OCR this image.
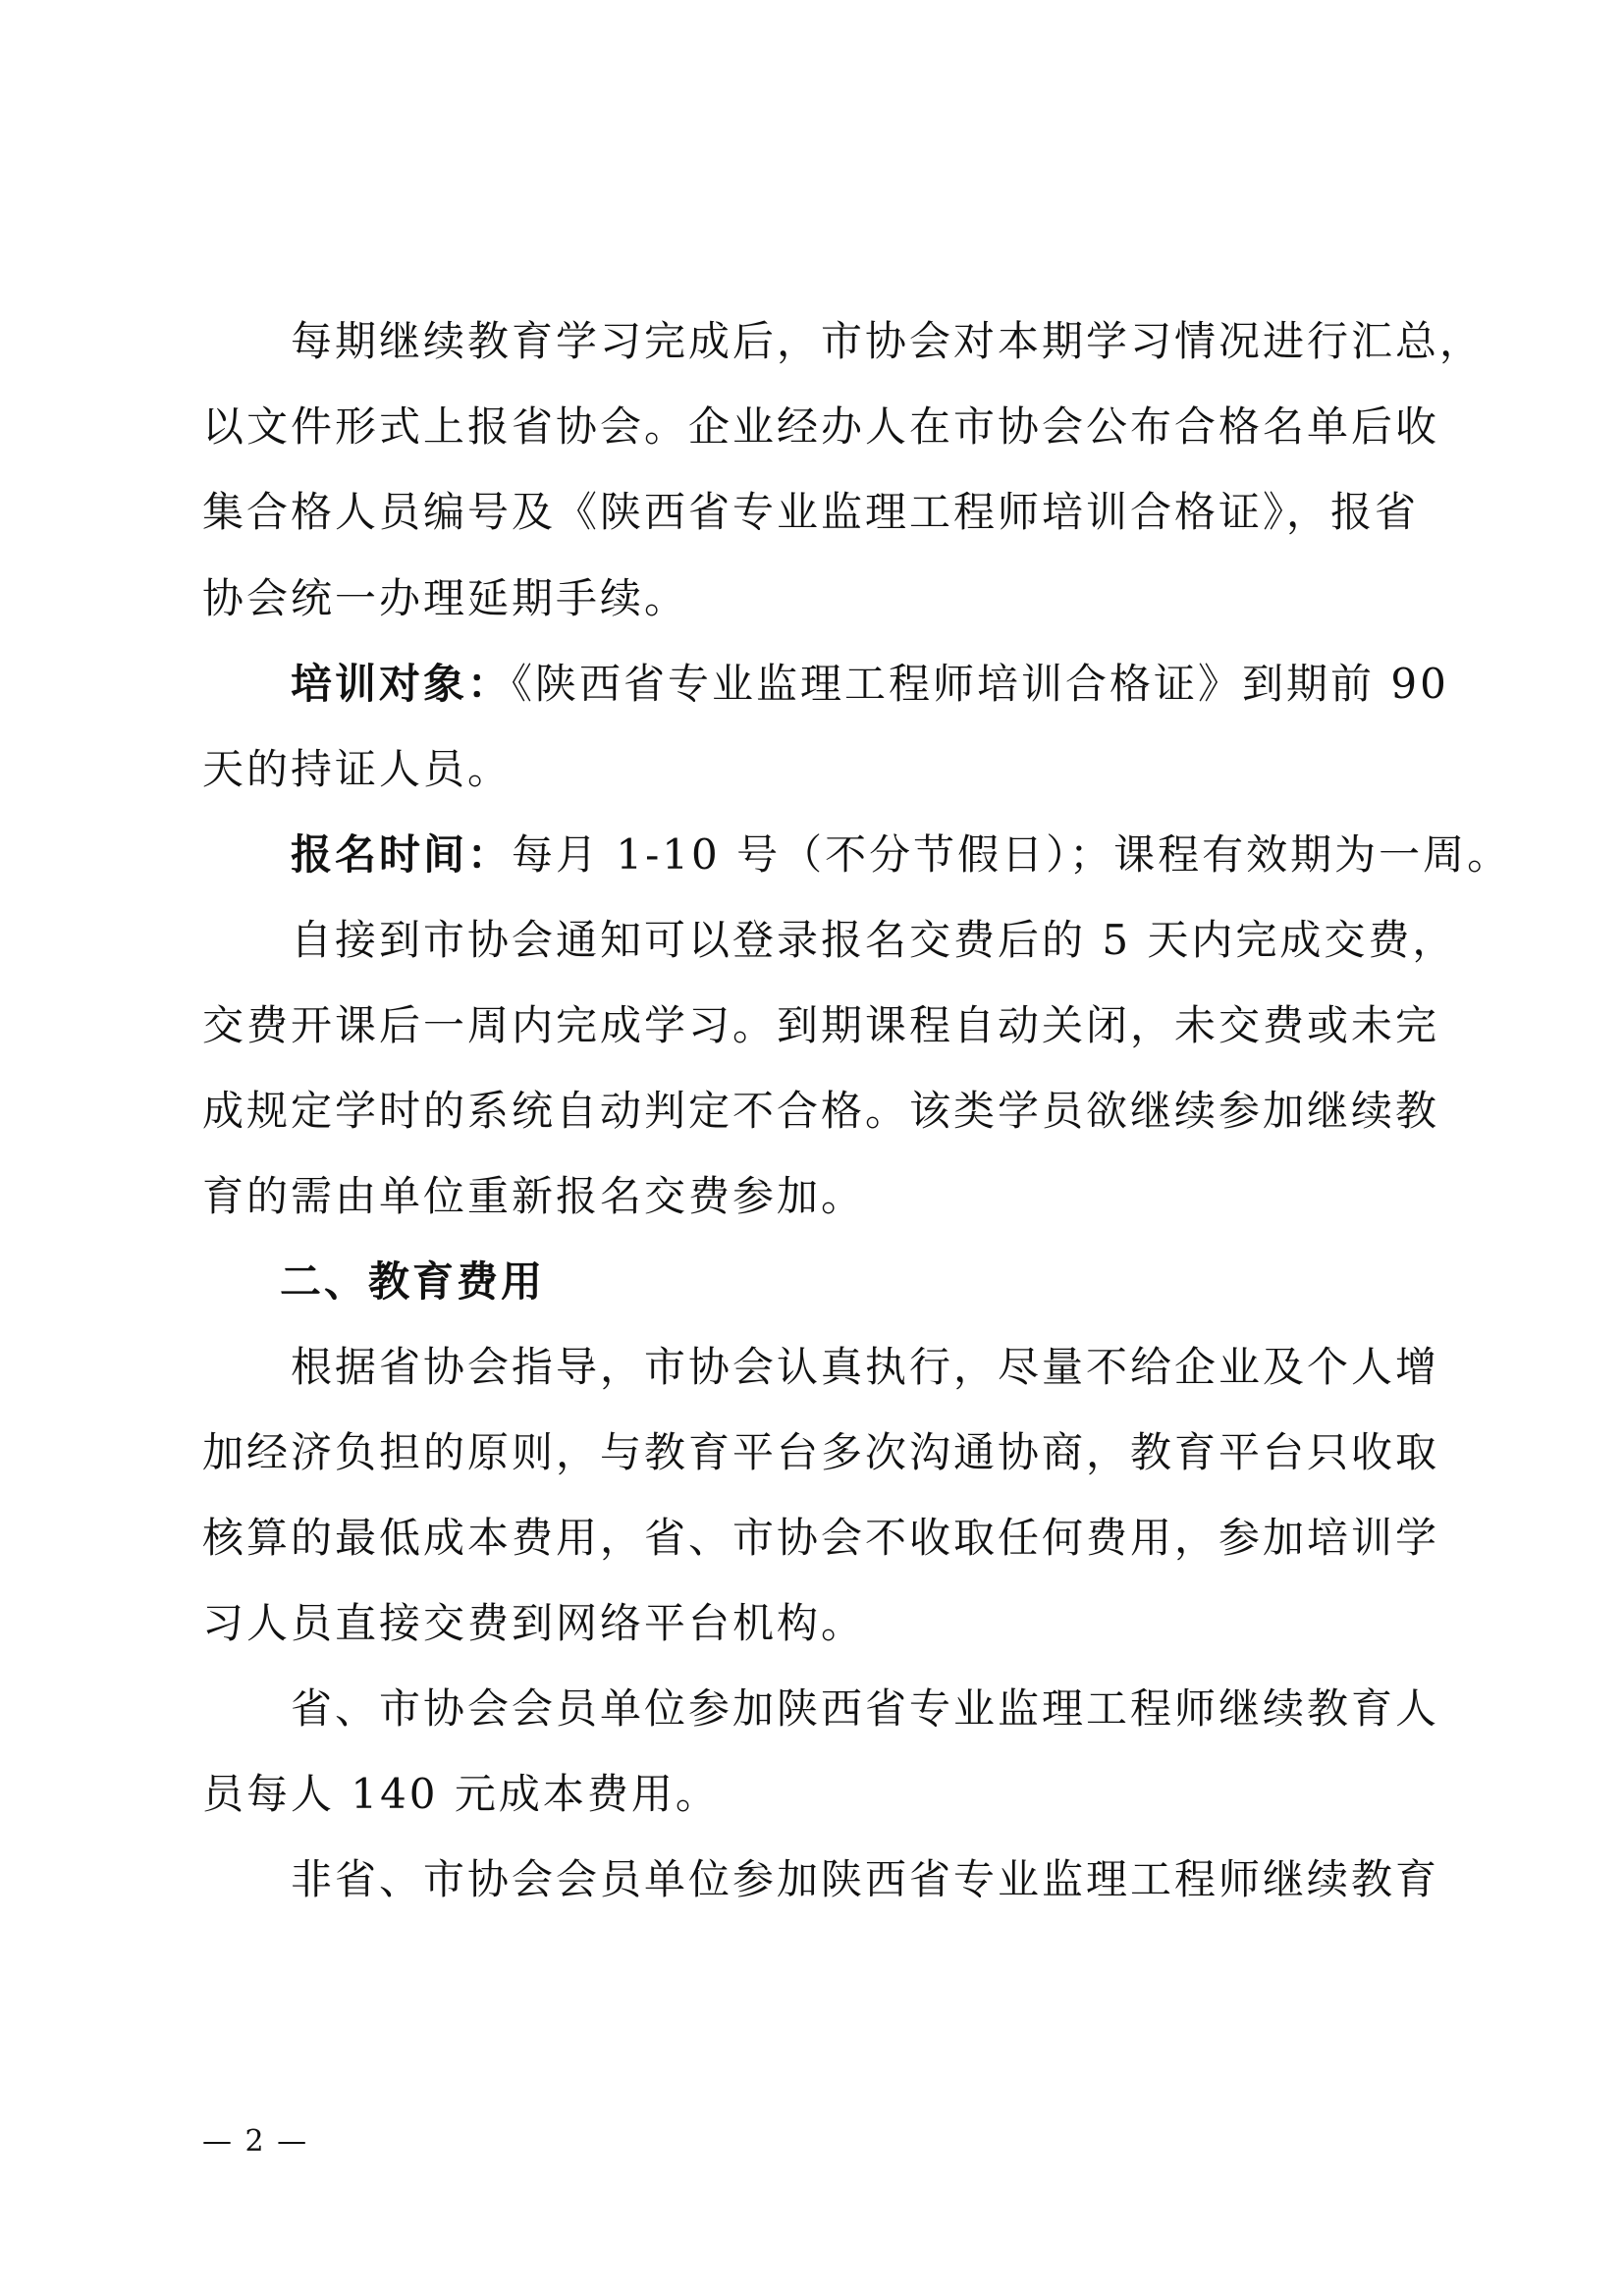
每期继续教育学习完成后，市协会对本期学习情况进行汇总，
以文件形式上报省协会。企业经办人在市协会公布合格名单后收
集合格人员编号及《陕西省专业监理工程师培训合格证》，报省
协会统一办理延期手续。
培训对象：《陕西省专业监理工程师培训合格证》到期前 90
天的持证人员。
报名时间：每月 1-10 号（不分节假日）；课程有效期为一周。
自接到市协会通知可以登录报名交费后的 5 天内完成交费，
交费开课后一周内完成学习。到期课程自动关闭，未交费或未完
成规定学时的系统自动判定不合格。该类学员欲继续参加继续教
育的需由单位重新报名交费参加。
二、教育费用
根据省协会指导，市协会认真执行，尽量不给企业及个人增
加经济负担的原则，与教育平台多次沟通协商，教育平台只收取
核算的最低成本费用，省、市协会不收取任何费用，参加培训学
习人员直接交费到网络平台机构。
省、市协会会员单位参加陕西省专业监理工程师继续教育人
员每人 140 元成本费用。
非省、市协会会员单位参加陕西省专业监理工程师继续教育
— 2 —
